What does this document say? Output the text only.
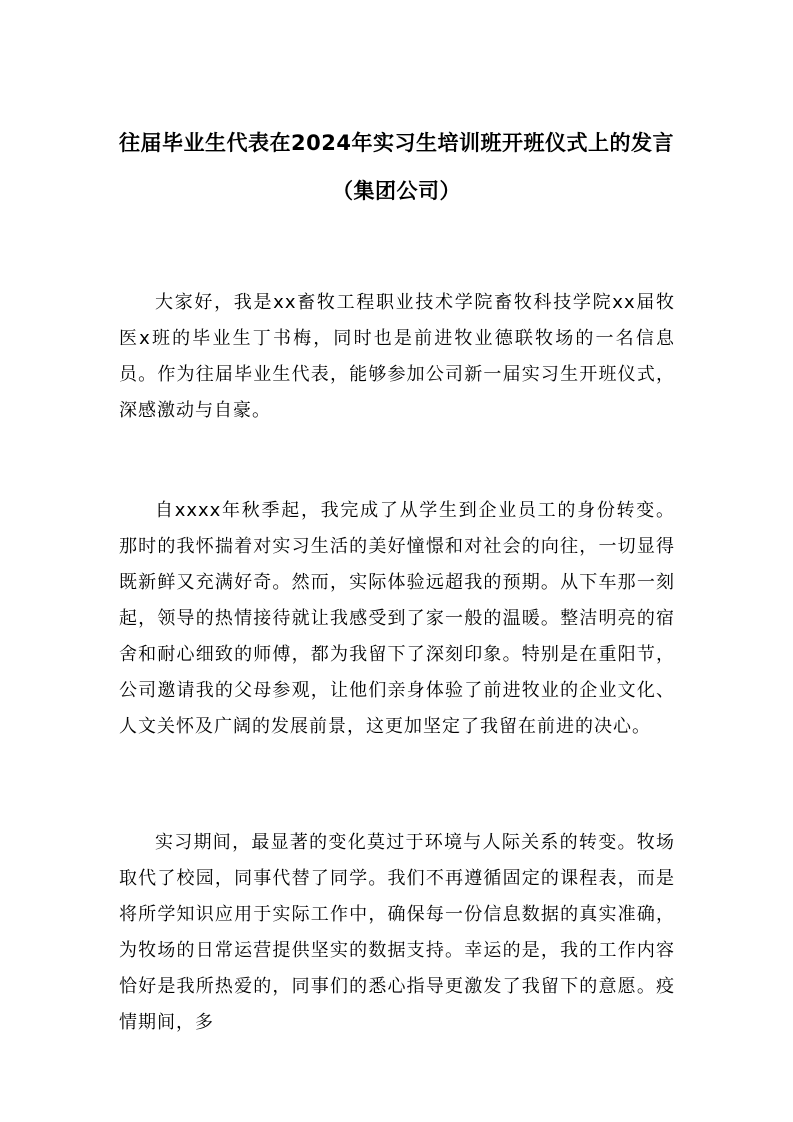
往届毕业生代表在2024年实习生培训班开班仪式上的发言
（集团公司）

大家好，我是xx畜牧工程职业技术学院畜牧科技学院xx届牧医x班的毕业生丁书梅，同时也是前进牧业德联牧场的一名信息员。作为往届毕业生代表，能够参加公司新一届实习生开班仪式，深感激动与自豪。

自xxxx年秋季起，我完成了从学生到企业员工的身份转变。那时的我怀揣着对实习生活的美好憧憬和对社会的向往，一切显得既新鲜又充满好奇。然而，实际体验远超我的预期。从下车那一刻起，领导的热情接待就让我感受到了家一般的温暖。整洁明亮的宿舍和耐心细致的师傅，都为我留下了深刻印象。特别是在重阳节，公司邀请我的父母参观，让他们亲身体验了前进牧业的企业文化、人文关怀及广阔的发展前景，这更加坚定了我留在前进的决心。

实习期间，最显著的变化莫过于环境与人际关系的转变。牧场取代了校园，同事代替了同学。我们不再遵循固定的课程表，而是将所学知识应用于实际工作中，确保每一份信息数据的真实准确，为牧场的日常运营提供坚实的数据支持。幸运的是，我的工作内容恰好是我所热爱的，同事们的悉心指导更激发了我留下的意愿。疫情期间，多
